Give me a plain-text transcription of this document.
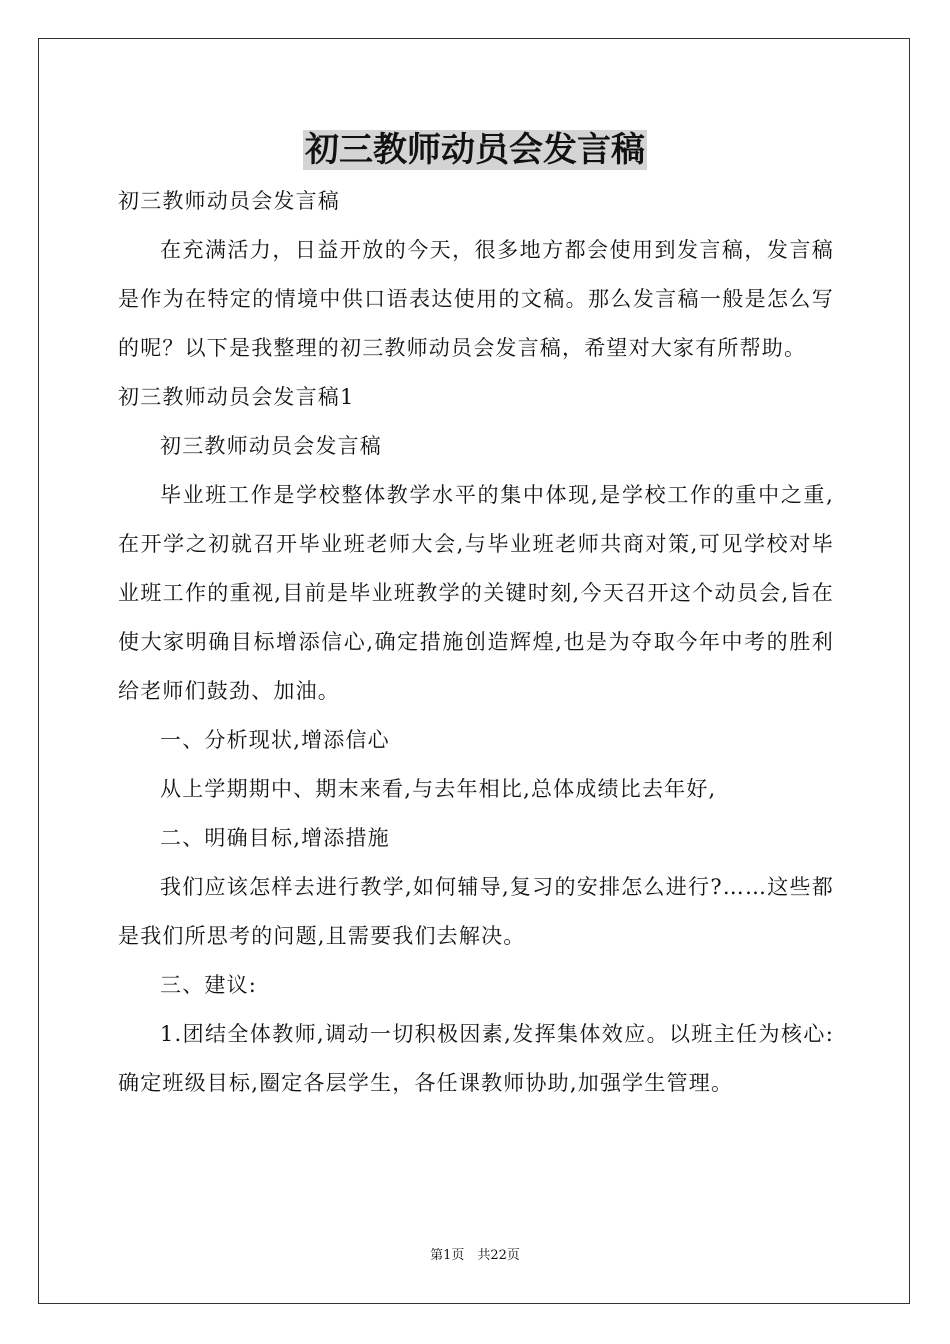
初三教师动员会发言稿

初三教师动员会发言稿

在充满活力，日益开放的今天，很多地方都会使用到发言稿，发言稿是作为在特定的情境中供口语表达使用的文稿。那么发言稿一般是怎么写的呢？以下是我整理的初三教师动员会发言稿，希望对大家有所帮助。

初三教师动员会发言稿1

初三教师动员会发言稿

毕业班工作是学校整体教学水平的集中体现,是学校工作的重中之重,在开学之初就召开毕业班老师大会,与毕业班老师共商对策,可见学校对毕业班工作的重视,目前是毕业班教学的关键时刻,今天召开这个动员会,旨在使大家明确目标增添信心,确定措施创造辉煌,也是为夺取今年中考的胜利给老师们鼓劲、加油。

一、分析现状,增添信心

从上学期期中、期末来看,与去年相比,总体成绩比去年好,

二、明确目标,增添措施

我们应该怎样去进行教学,如何辅导,复习的安排怎么进行?……这些都是我们所思考的问题,且需要我们去解决。

三、建议:

1.团结全体教师,调动一切积极因素,发挥集体效应。以班主任为核心:确定班级目标,圈定各层学生，各任课教师协助,加强学生管理。

第1页　共22页
